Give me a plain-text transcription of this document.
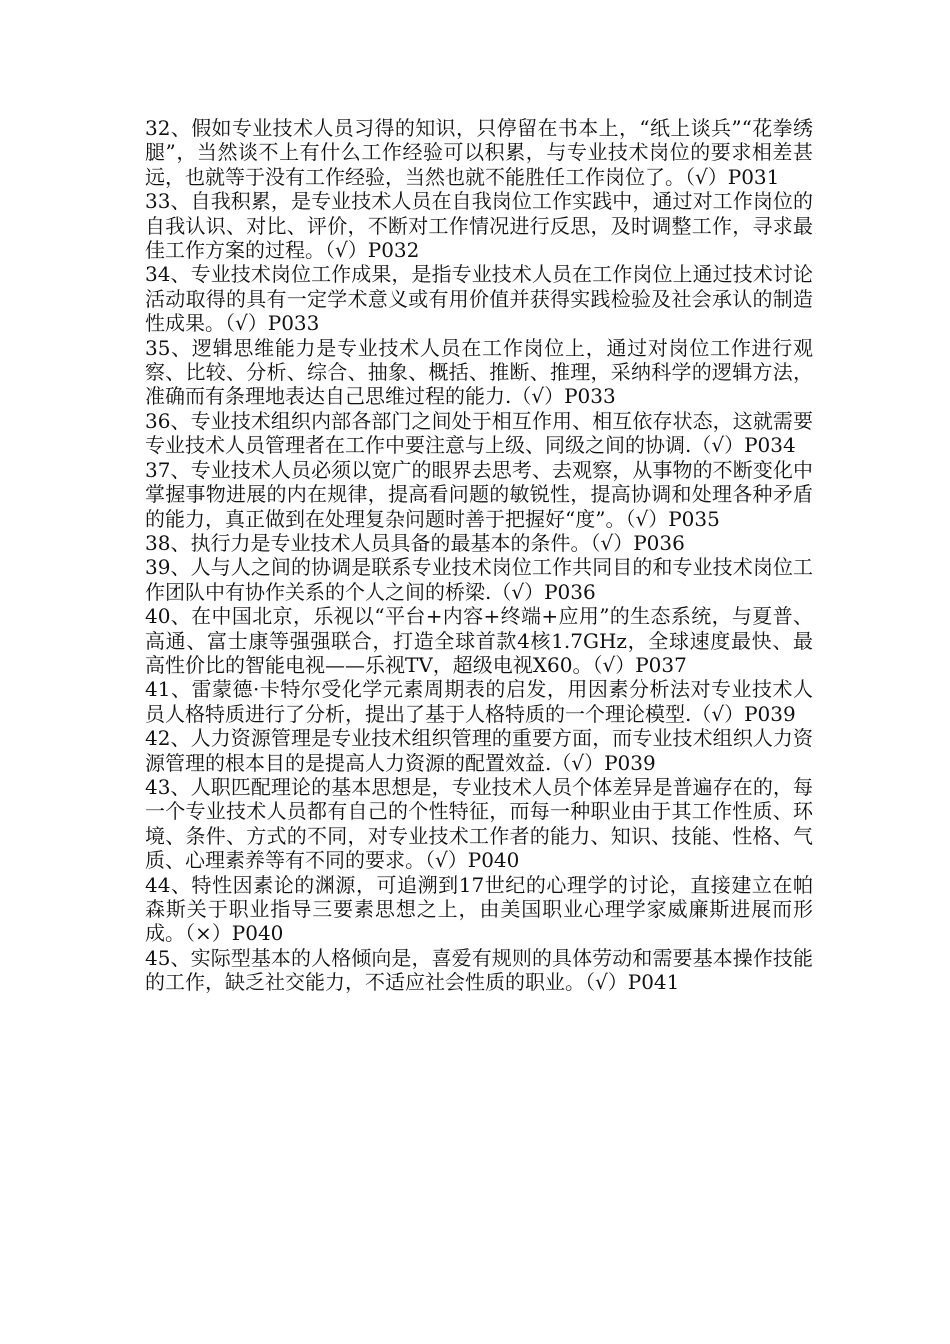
32、假如专业技术人员习得的知识，只停留在书本上，“纸上谈兵”“花拳绣腿”，当然谈不上有什么工作经验可以积累，与专业技术岗位的要求相差甚远，也就等于没有工作经验，当然也就不能胜任工作岗位了。（√）P031

33、自我积累，是专业技术人员在自我岗位工作实践中，通过对工作岗位的自我认识、对比、评价，不断对工作情况进行反思，及时调整工作，寻求最佳工作方案的过程。（√）P032

34、专业技术岗位工作成果，是指专业技术人员在工作岗位上通过技术讨论活动取得的具有一定学术意义或有用价值并获得实践检验及社会承认的制造性成果。（√）P033

35、逻辑思维能力是专业技术人员在工作岗位上，通过对岗位工作进行观察、比较、分析、综合、抽象、概括、推断、推理，采纳科学的逻辑方法，准确而有条理地表达自己思维过程的能力.（√）P033

36、专业技术组织内部各部门之间处于相互作用、相互依存状态，这就需要专业技术人员管理者在工作中要注意与上级、同级之间的协调.（√）P034

37、专业技术人员必须以宽广的眼界去思考、去观察，从事物的不断变化中掌握事物进展的内在规律，提高看问题的敏锐性，提高协调和处理各种矛盾的能力，真正做到在处理复杂问题时善于把握好“度”。（√）P035

38、执行力是专业技术人员具备的最基本的条件。（√）P036

39、人与人之间的协调是联系专业技术岗位工作共同目的和专业技术岗位工作团队中有协作关系的个人之间的桥梁.（√）P036

40、在中国北京，乐视以“平台+内容+终端+应用”的生态系统，与夏普、高通、富士康等强强联合，打造全球首款4核1.7GHz，全球速度最快、最高性价比的智能电视——乐视TV，超级电视X60。（√）P037

41、雷蒙德·卡特尔受化学元素周期表的启发，用因素分析法对专业技术人员人格特质进行了分析，提出了基于人格特质的一个理论模型.（√）P039

42、人力资源管理是专业技术组织管理的重要方面，而专业技术组织人力资源管理的根本目的是提高人力资源的配置效益.（√）P039

43、人职匹配理论的基本思想是，专业技术人员个体差异是普遍存在的，每一个专业技术人员都有自己的个性特征，而每一种职业由于其工作性质、环境、条件、方式的不同，对专业技术工作者的能力、知识、技能、性格、气质、心理素养等有不同的要求。（√）P040

44、特性因素论的渊源，可追溯到17世纪的心理学的讨论，直接建立在帕森斯关于职业指导三要素思想之上，由美国职业心理学家威廉斯进展而形成。（×）P040

45、实际型基本的人格倾向是，喜爱有规则的具体劳动和需要基本操作技能的工作，缺乏社交能力，不适应社会性质的职业。（√）P041
